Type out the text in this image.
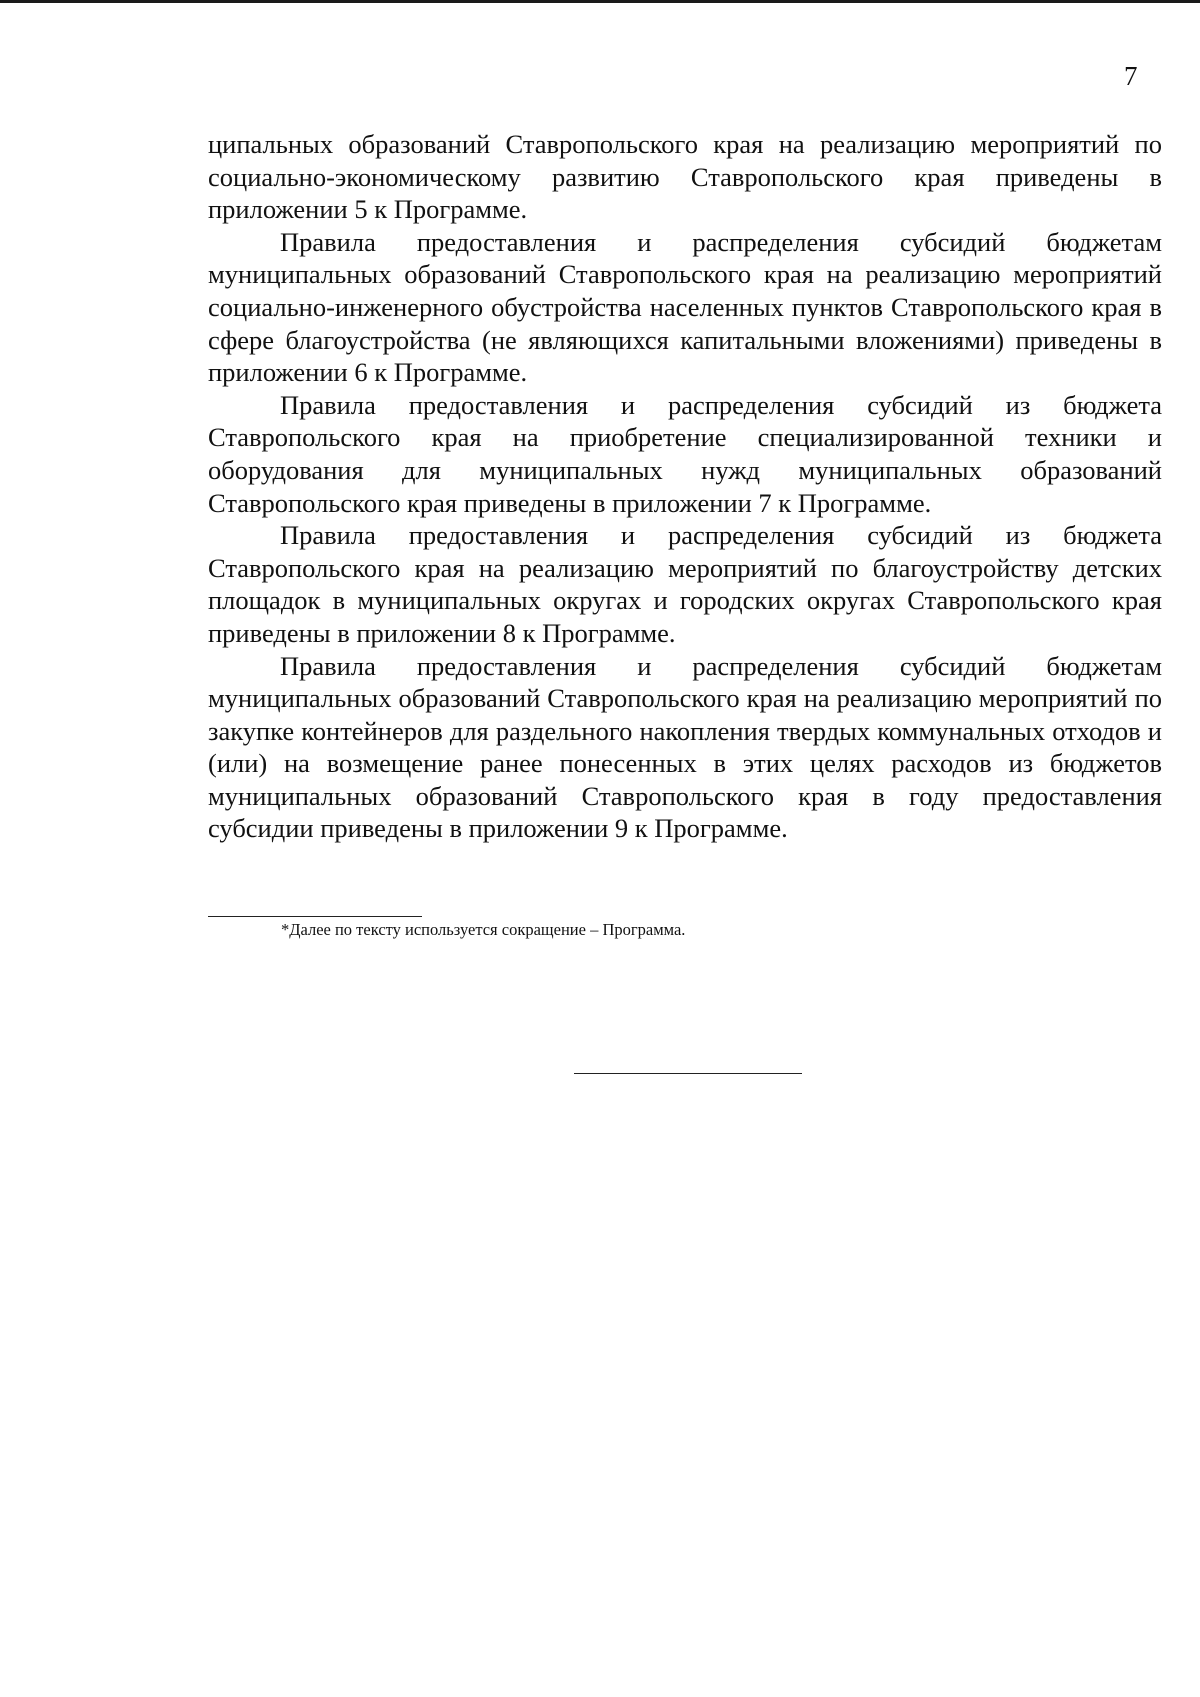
7

ципальных образований Ставропольского края на реализацию мероприятий по социально-экономическому развитию Ставропольского края приведены в приложении 5 к Программе.

Правила предоставления и распределения субсидий бюджетам муниципальных образований Ставропольского края на реализацию мероприятий социально-инженерного обустройства населенных пунктов Ставропольского края в сфере благоустройства (не являющихся капитальными вложениями) приведены в приложении 6 к Программе.

Правила предоставления и распределения субсидий из бюджета Ставропольского края на приобретение специализированной техники и оборудования для муниципальных нужд муниципальных образований Ставропольского края приведены в приложении 7 к Программе.

Правила предоставления и распределения субсидий из бюджета Ставропольского края на реализацию мероприятий по благоустройству детских площадок в муниципальных округах и городских округах Ставропольского края приведены в приложении 8 к Программе.

Правила предоставления и распределения субсидий бюджетам муниципальных образований Ставропольского края на реализацию мероприятий по закупке контейнеров для раздельного накопления твердых коммунальных отходов и (или) на возмещение ранее понесенных в этих целях расходов из бюджетов муниципальных образований Ставропольского края в году предоставления субсидии приведены в приложении 9 к Программе.

*Далее по тексту используется сокращение – Программа.
